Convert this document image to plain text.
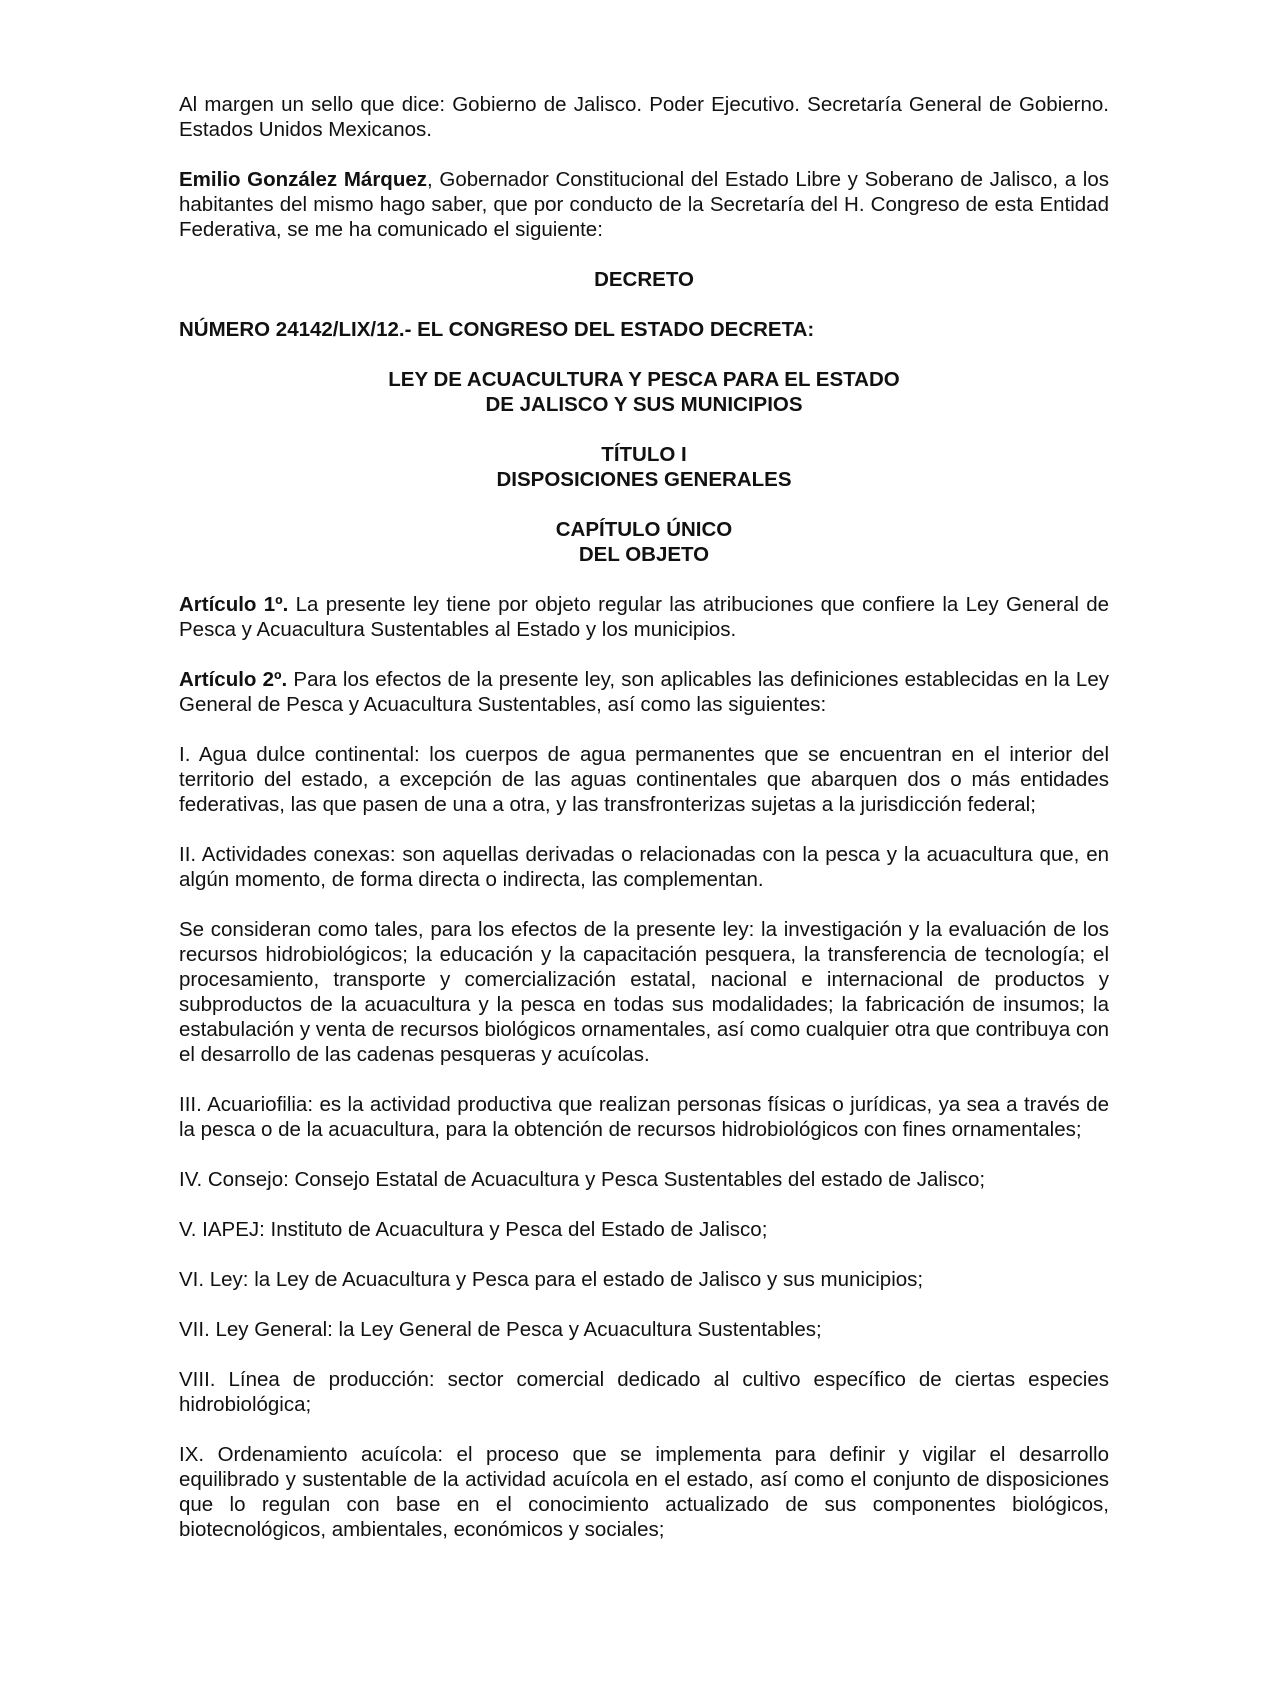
Al margen un sello que dice: Gobierno de Jalisco. Poder Ejecutivo. Secretaría General de Gobierno. Estados Unidos Mexicanos.

Emilio González Márquez, Gobernador Constitucional del Estado Libre y Soberano de Jalisco, a los habitantes del mismo hago saber, que por conducto de la Secretaría del H. Congreso de esta Entidad Federativa, se me ha comunicado el siguiente:

DECRETO
NÚMERO 24142/LIX/12.- EL CONGRESO DEL ESTADO DECRETA:
LEY DE ACUACULTURA Y PESCA PARA EL ESTADO
DE JALISCO Y SUS MUNICIPIOS
TÍTULO I
DISPOSICIONES GENERALES
CAPÍTULO ÚNICO
DEL OBJETO

Artículo 1º. La presente ley tiene por objeto regular las atribuciones que confiere la Ley General de Pesca y Acuacultura Sustentables al Estado y los municipios.

Artículo 2º. Para los efectos de la presente ley, son aplicables las definiciones establecidas en la Ley General de Pesca y Acuacultura Sustentables, así como las siguientes:

I. Agua dulce continental: los cuerpos de agua permanentes que se encuentran en el interior del territorio del estado, a excepción de las aguas continentales que abarquen dos o más entidades federativas, las que pasen de una a otra, y las transfronterizas sujetas a la jurisdicción federal;

II. Actividades conexas: son aquellas derivadas o relacionadas con la pesca y la acuacultura que, en algún momento, de forma directa o indirecta, las complementan.

Se consideran como tales, para los efectos de la presente ley: la investigación y la evaluación de los recursos hidrobiológicos; la educación y la capacitación pesquera, la transferencia de tecnología; el procesamiento, transporte y comercialización estatal, nacional e internacional de productos y subproductos de la acuacultura y la pesca en todas sus modalidades; la fabricación de insumos; la estabulación y venta de recursos biológicos ornamentales, así como cualquier otra que contribuya con el desarrollo de las cadenas pesqueras y acuícolas.

III. Acuariofilia: es la actividad productiva que realizan personas físicas o jurídicas, ya sea a través de la pesca o de la acuacultura, para la obtención de recursos hidrobiológicos con fines ornamentales;

IV. Consejo: Consejo Estatal de Acuacultura y Pesca Sustentables del estado de Jalisco;

V. IAPEJ: Instituto de Acuacultura y Pesca del Estado de Jalisco;

VI. Ley: la Ley de Acuacultura y Pesca para el estado de Jalisco y sus municipios;

VII. Ley General: la Ley General de Pesca y Acuacultura Sustentables;

VIII. Línea de producción: sector comercial dedicado al cultivo específico de ciertas especies hidrobiológica;

IX. Ordenamiento acuícola: el proceso que se implementa para definir y vigilar el desarrollo equilibrado y sustentable de la actividad acuícola en el estado, así como el conjunto de disposiciones que lo regulan con base en el conocimiento actualizado de sus componentes biológicos, biotecnológicos, ambientales, económicos y sociales;
